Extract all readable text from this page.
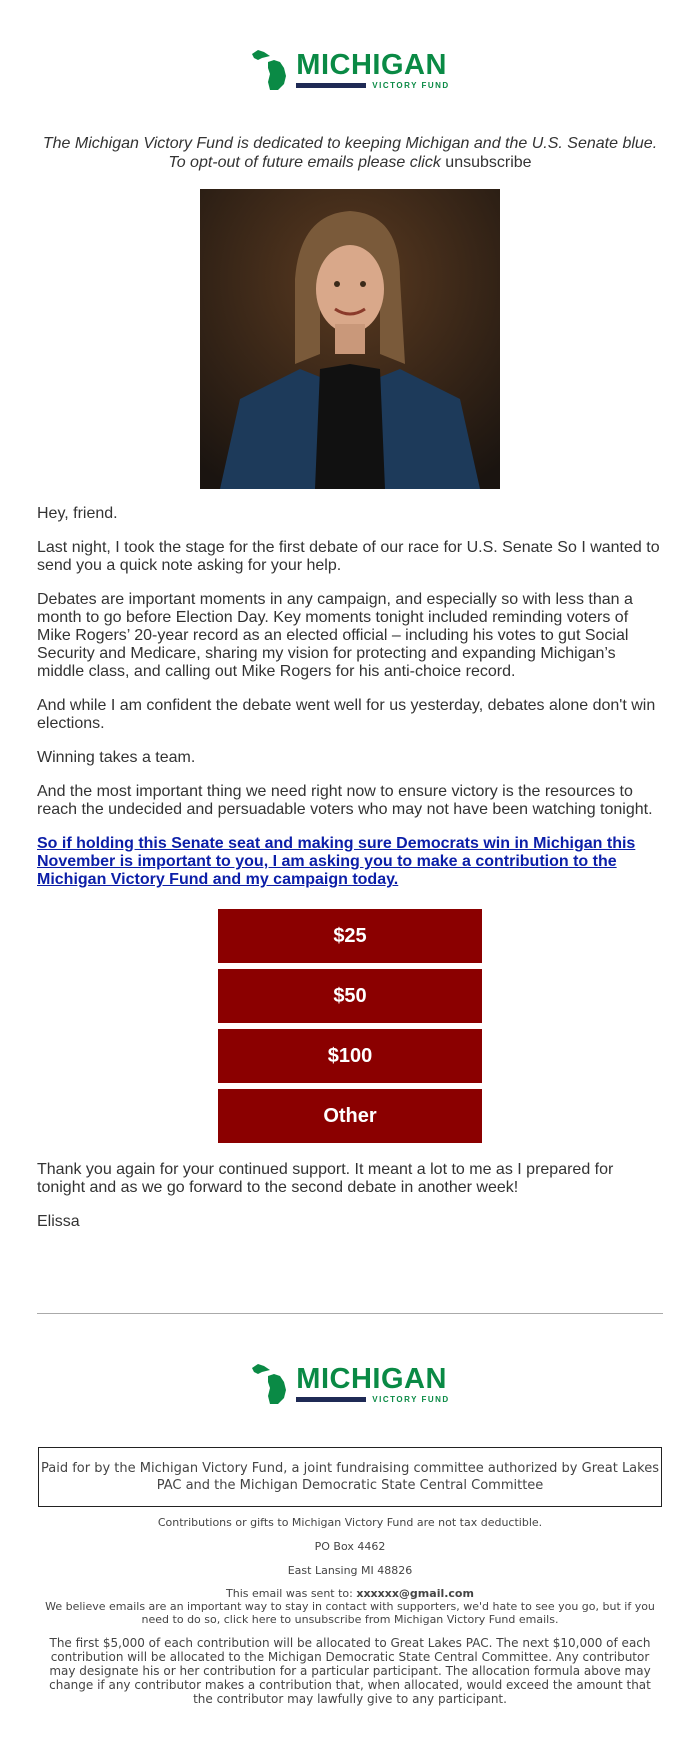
MICHIGAN
VICTORY FUND
The Michigan Victory Fund is dedicated to keeping Michigan and the U.S. Senate blue.
To opt-out of future emails please click unsubscribe

Hey, friend.

Last night, I took the stage for the first debate of our race for U.S. Senate So I wanted to send you a quick note asking for your help.

Debates are important moments in any campaign, and especially so with less than a month to go before Election Day. Key moments tonight included reminding voters of Mike Rogers’ 20-year record as an elected official – including his votes to gut Social Security and Medicare, sharing my vision for protecting and expanding Michigan’s middle class, and calling out Mike Rogers for his anti-choice record.

And while I am confident the debate went well for us yesterday, debates alone don't win elections.

Winning takes a team.

And the most important thing we need right now to ensure victory is the resources to reach the undecided and persuadable voters who may not have been watching tonight.

So if holding this Senate seat and making sure Democrats win in Michigan this November is important to you, I am asking you to make a contribution to the Michigan Victory Fund and my campaign today.

$25
$50
$100
Other

Thank you again for your continued support. It meant a lot to me as I prepared for tonight and as we go forward to the second debate in another week!

Elissa

MICHIGAN
VICTORY FUND
Paid for by the Michigan Victory Fund, a joint fundraising committee authorized by Great Lakes PAC and the Michigan Democratic State Central Committee

Contributions or gifts to Michigan Victory Fund are not tax deductible.

PO Box 4462

East Lansing MI 48826

This email was sent to: xxxxxx@gmail.com

We believe emails are an important way to stay in contact with supporters, we'd hate to see you go, but if you need to do so, click here to unsubscribe from Michigan Victory Fund emails.

The first $5,000 of each contribution will be allocated to Great Lakes PAC. The next $10,000 of each contribution will be allocated to the Michigan Democratic State Central Committee. Any contributor may designate his or her contribution for a particular participant. The allocation formula above may change if any contributor makes a contribution that, when allocated, would exceed the amount that the contributor may lawfully give to any participant.
